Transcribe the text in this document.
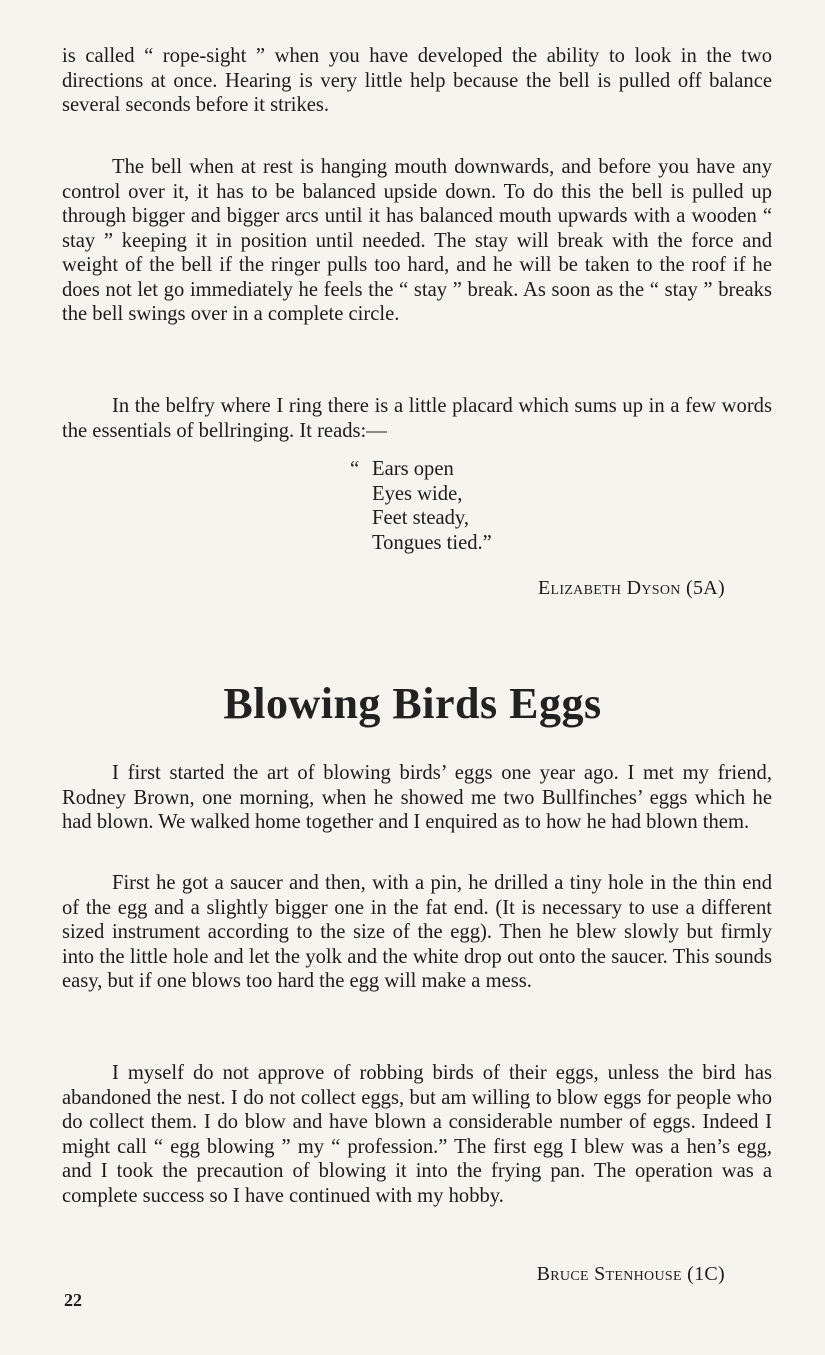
is called “ rope-sight ” when you have developed the ability to look in the two directions at once. Hearing is very little help because the bell is pulled off balance several seconds before it strikes.

The bell when at rest is hanging mouth downwards, and before you have any control over it, it has to be balanced upside down. To do this the bell is pulled up through bigger and bigger arcs until it has balanced mouth upwards with a wooden “ stay ” keeping it in position until needed. The stay will break with the force and weight of the bell if the ringer pulls too hard, and he will be taken to the roof if he does not let go immediately he feels the “ stay ” break. As soon as the “ stay ” breaks the bell swings over in a complete circle.

In the belfry where I ring there is a little placard which sums up in a few words the essentials of bellringing. It reads:—

“ Ears open
Eyes wide,
Feet steady,
Tongues tied.”
Elizabeth Dyson (5A)
Blowing Birds Eggs

I first started the art of blowing birds’ eggs one year ago. I met my friend, Rodney Brown, one morning, when he showed me two Bullfinches’ eggs which he had blown. We walked home together and I enquired as to how he had blown them.

First he got a saucer and then, with a pin, he drilled a tiny hole in the thin end of the egg and a slightly bigger one in the fat end. (It is necessary to use a different sized instrument according to the size of the egg). Then he blew slowly but firmly into the little hole and let the yolk and the white drop out onto the saucer. This sounds easy, but if one blows too hard the egg will make a mess.

I myself do not approve of robbing birds of their eggs, unless the bird has abandoned the nest. I do not collect eggs, but am willing to blow eggs for people who do collect them. I do blow and have blown a considerable number of eggs. Indeed I might call “ egg blowing ” my “ profession.” The first egg I blew was a hen’s egg, and I took the precaution of blowing it into the frying pan. The operation was a complete success so I have continued with my hobby.

Bruce Stenhouse (1C)
22
